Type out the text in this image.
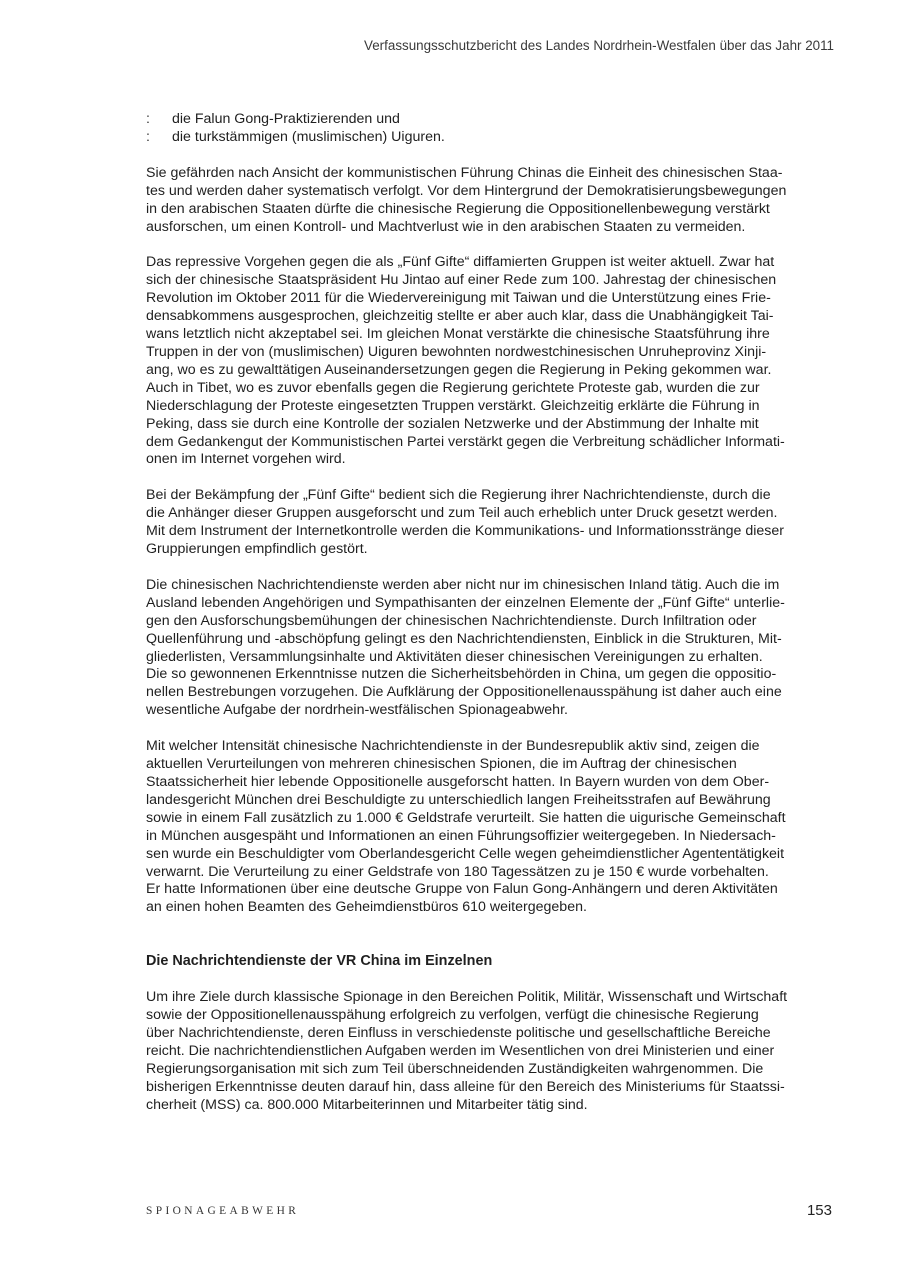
Verfassungsschutzbericht des Landes Nordrhein-Westfalen über das Jahr 2011

:	die Falun Gong-Praktizierenden und

:	die turkstämmigen (muslimischen) Uiguren.

Sie gefährden nach Ansicht der kommunistischen Führung Chinas die Einheit des chinesischen Staa-
tes und werden daher systematisch verfolgt. Vor dem Hintergrund der Demokratisierungsbewegungen
in den arabischen Staaten dürfte die chinesische Regierung die Oppositionellenbewegung verstärkt
ausforschen, um einen Kontroll- und Machtverlust wie in den arabischen Staaten zu vermeiden.

Das repressive Vorgehen gegen die als „Fünf Gifte“ diffamierten Gruppen ist weiter aktuell. Zwar hat
sich der chinesische Staatspräsident Hu Jintao auf einer Rede zum 100. Jahrestag der chinesischen
Revolution im Oktober 2011 für die Wiedervereinigung mit Taiwan und die Unterstützung eines Frie-
densabkommens ausgesprochen, gleichzeitig stellte er aber auch klar, dass die Unabhängigkeit Tai-
wans letztlich nicht akzeptabel sei. Im gleichen Monat verstärkte die chinesische Staatsführung ihre
Truppen in der von (muslimischen) Uiguren bewohnten nordwestchinesischen Unruheprovinz Xinji-
ang, wo es zu gewalttätigen Auseinandersetzungen gegen die Regierung in Peking gekommen war.
Auch in Tibet, wo es zuvor ebenfalls gegen die Regierung gerichtete Proteste gab, wurden die zur
Niederschlagung der Proteste eingesetzten Truppen verstärkt. Gleichzeitig erklärte die Führung in
Peking, dass sie durch eine Kontrolle der sozialen Netzwerke und der Abstimmung der Inhalte mit
dem Gedankengut der Kommunistischen Partei verstärkt gegen die Verbreitung schädlicher Informati-
onen im Internet vorgehen wird.

Bei der Bekämpfung der „Fünf Gifte“ bedient sich die Regierung ihrer Nachrichtendienste, durch die
die Anhänger dieser Gruppen ausgeforscht und zum Teil auch erheblich unter Druck gesetzt werden.
Mit dem Instrument der Internetkontrolle werden die Kommunikations- und Informationsstränge dieser
Gruppierungen empfindlich gestört.

Die chinesischen Nachrichtendienste werden aber nicht nur im chinesischen Inland tätig. Auch die im
Ausland lebenden Angehörigen und Sympathisanten der einzelnen Elemente der „Fünf Gifte“ unterlie-
gen den Ausforschungsbemühungen der chinesischen Nachrichtendienste. Durch Infiltration oder
Quellenführung und -abschöpfung gelingt es den Nachrichtendiensten, Einblick in die Strukturen, Mit-
gliederlisten, Versammlungsinhalte und Aktivitäten dieser chinesischen Vereinigungen zu erhalten.
Die so gewonnenen Erkenntnisse nutzen die Sicherheitsbehörden in China, um gegen die oppositio-
nellen Bestrebungen vorzugehen. Die Aufklärung der Oppositionellenausspähung ist daher auch eine
wesentliche Aufgabe der nordrhein-westfälischen Spionageabwehr.

Mit welcher Intensität chinesische Nachrichtendienste in der Bundesrepublik aktiv sind, zeigen die
aktuellen Verurteilungen von mehreren chinesischen Spionen, die im Auftrag der chinesischen
Staatssicherheit hier lebende Oppositionelle ausgeforscht hatten. In Bayern wurden von dem Ober-
landesgericht München drei Beschuldigte zu unterschiedlich langen Freiheitsstrafen auf Bewährung
sowie in einem Fall zusätzlich zu 1.000 € Geldstrafe verurteilt. Sie hatten die uigurische Gemeinschaft
in München ausgespäht und Informationen an einen Führungsoffizier weitergegeben. In Niedersach-
sen wurde ein Beschuldigter vom Oberlandesgericht Celle wegen geheimdienstlicher Agententätigkeit
verwarnt. Die Verurteilung zu einer Geldstrafe von 180 Tagessätzen zu je 150 € wurde vorbehalten.
Er hatte Informationen über eine deutsche Gruppe von Falun Gong-Anhängern und deren Aktivitäten
an einen hohen Beamten des Geheimdienstbüros 610 weitergegeben.

Die Nachrichtendienste der VR China im Einzelnen

Um ihre Ziele durch klassische Spionage in den Bereichen Politik, Militär, Wissenschaft und Wirtschaft
sowie der Oppositionellenausspähung erfolgreich zu verfolgen, verfügt die chinesische Regierung
über Nachrichtendienste, deren Einfluss in verschiedenste politische und gesellschaftliche Bereiche
reicht. Die nachrichtendienstlichen Aufgaben werden im Wesentlichen von drei Ministerien und einer
Regierungsorganisation mit sich zum Teil überschneidenden Zuständigkeiten wahrgenommen. Die
bisherigen Erkenntnisse deuten darauf hin, dass alleine für den Bereich des Ministeriums für Staatssi-
cherheit (MSS) ca. 800.000 Mitarbeiterinnen und Mitarbeiter tätig sind.

SPIONAGEABWEHR	153
